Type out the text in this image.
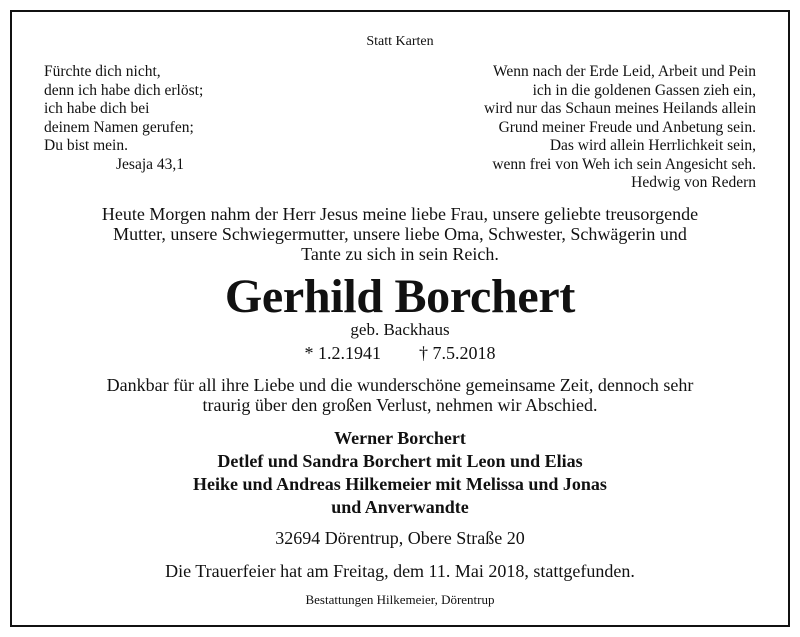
Statt Karten
Fürchte dich nicht,
denn ich habe dich erlöst;
ich habe dich bei
deinem Namen gerufen;
Du bist mein.
Jesaja 43,1
Wenn nach der Erde Leid, Arbeit und Pein
ich in die goldenen Gassen zieh ein,
wird nur das Schaun meines Heilands allein
Grund meiner Freude und Anbetung sein.
Das wird allein Herrlichkeit sein,
wenn frei von Weh ich sein Angesicht seh.
Hedwig von Redern
Heute Morgen nahm der Herr Jesus meine liebe Frau, unsere geliebte treusorgende
Mutter, unsere Schwiegermutter, unsere liebe Oma, Schwester, Schwägerin und
Tante zu sich in sein Reich.
Gerhild Borchert
geb. Backhaus
* 1.2.1941 † 7.5.2018
Dankbar für all ihre Liebe und die wunderschöne gemeinsame Zeit, dennoch sehr
traurig über den großen Verlust, nehmen wir Abschied.
Werner Borchert
Detlef und Sandra Borchert mit Leon und Elias
Heike und Andreas Hilkemeier mit Melissa und Jonas
und Anverwandte
32694 Dörentrup, Obere Straße 20
Die Trauerfeier hat am Freitag, dem 11. Mai 2018, stattgefunden.
Bestattungen Hilkemeier, Dörentrup
